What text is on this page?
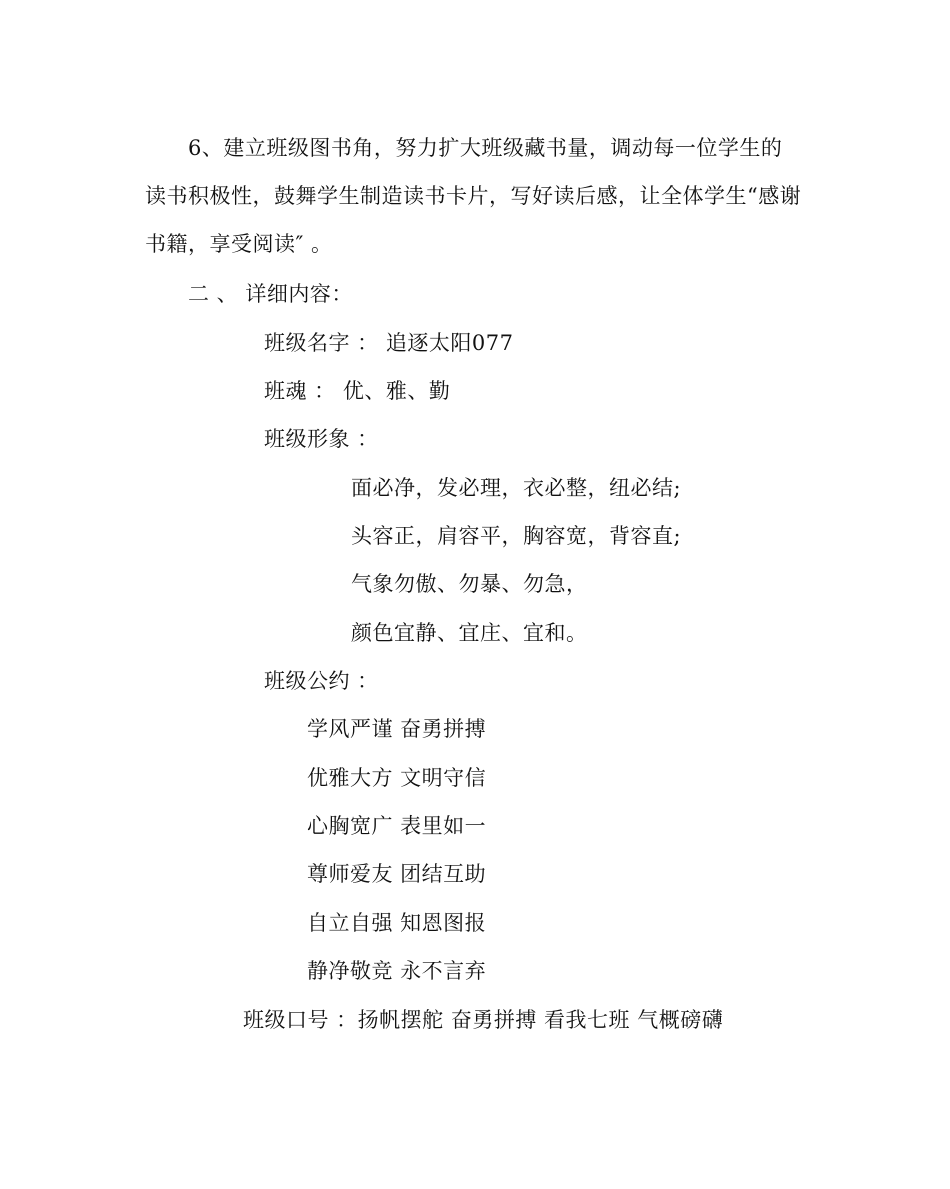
6、建立班级图书角，努力扩大班级藏书量，调动每一位学生的
读书积极性，鼓舞学生制造读书卡片，写好读后感，让全体学生“感谢
书籍，享受阅读″ 。
二 、 详细内容：
班级名字 ： 追逐太阳077
班魂 ： 优、雅、勤
班级形象 ：
面必净，发必理，衣必整，纽必结;
头容正，肩容平，胸容宽，背容直;
气象勿傲、勿暴、勿急，
颜色宜静、宜庄、宜和。
班级公约 ：
学风严谨 奋勇拼搏
优雅大方 文明守信
心胸宽广 表里如一
尊师爱友 团结互助
自立自强 知恩图报
静净敬竞 永不言弃
班级口号 ：扬帆摆舵 奋勇拼搏 看我七班 气概磅礴
